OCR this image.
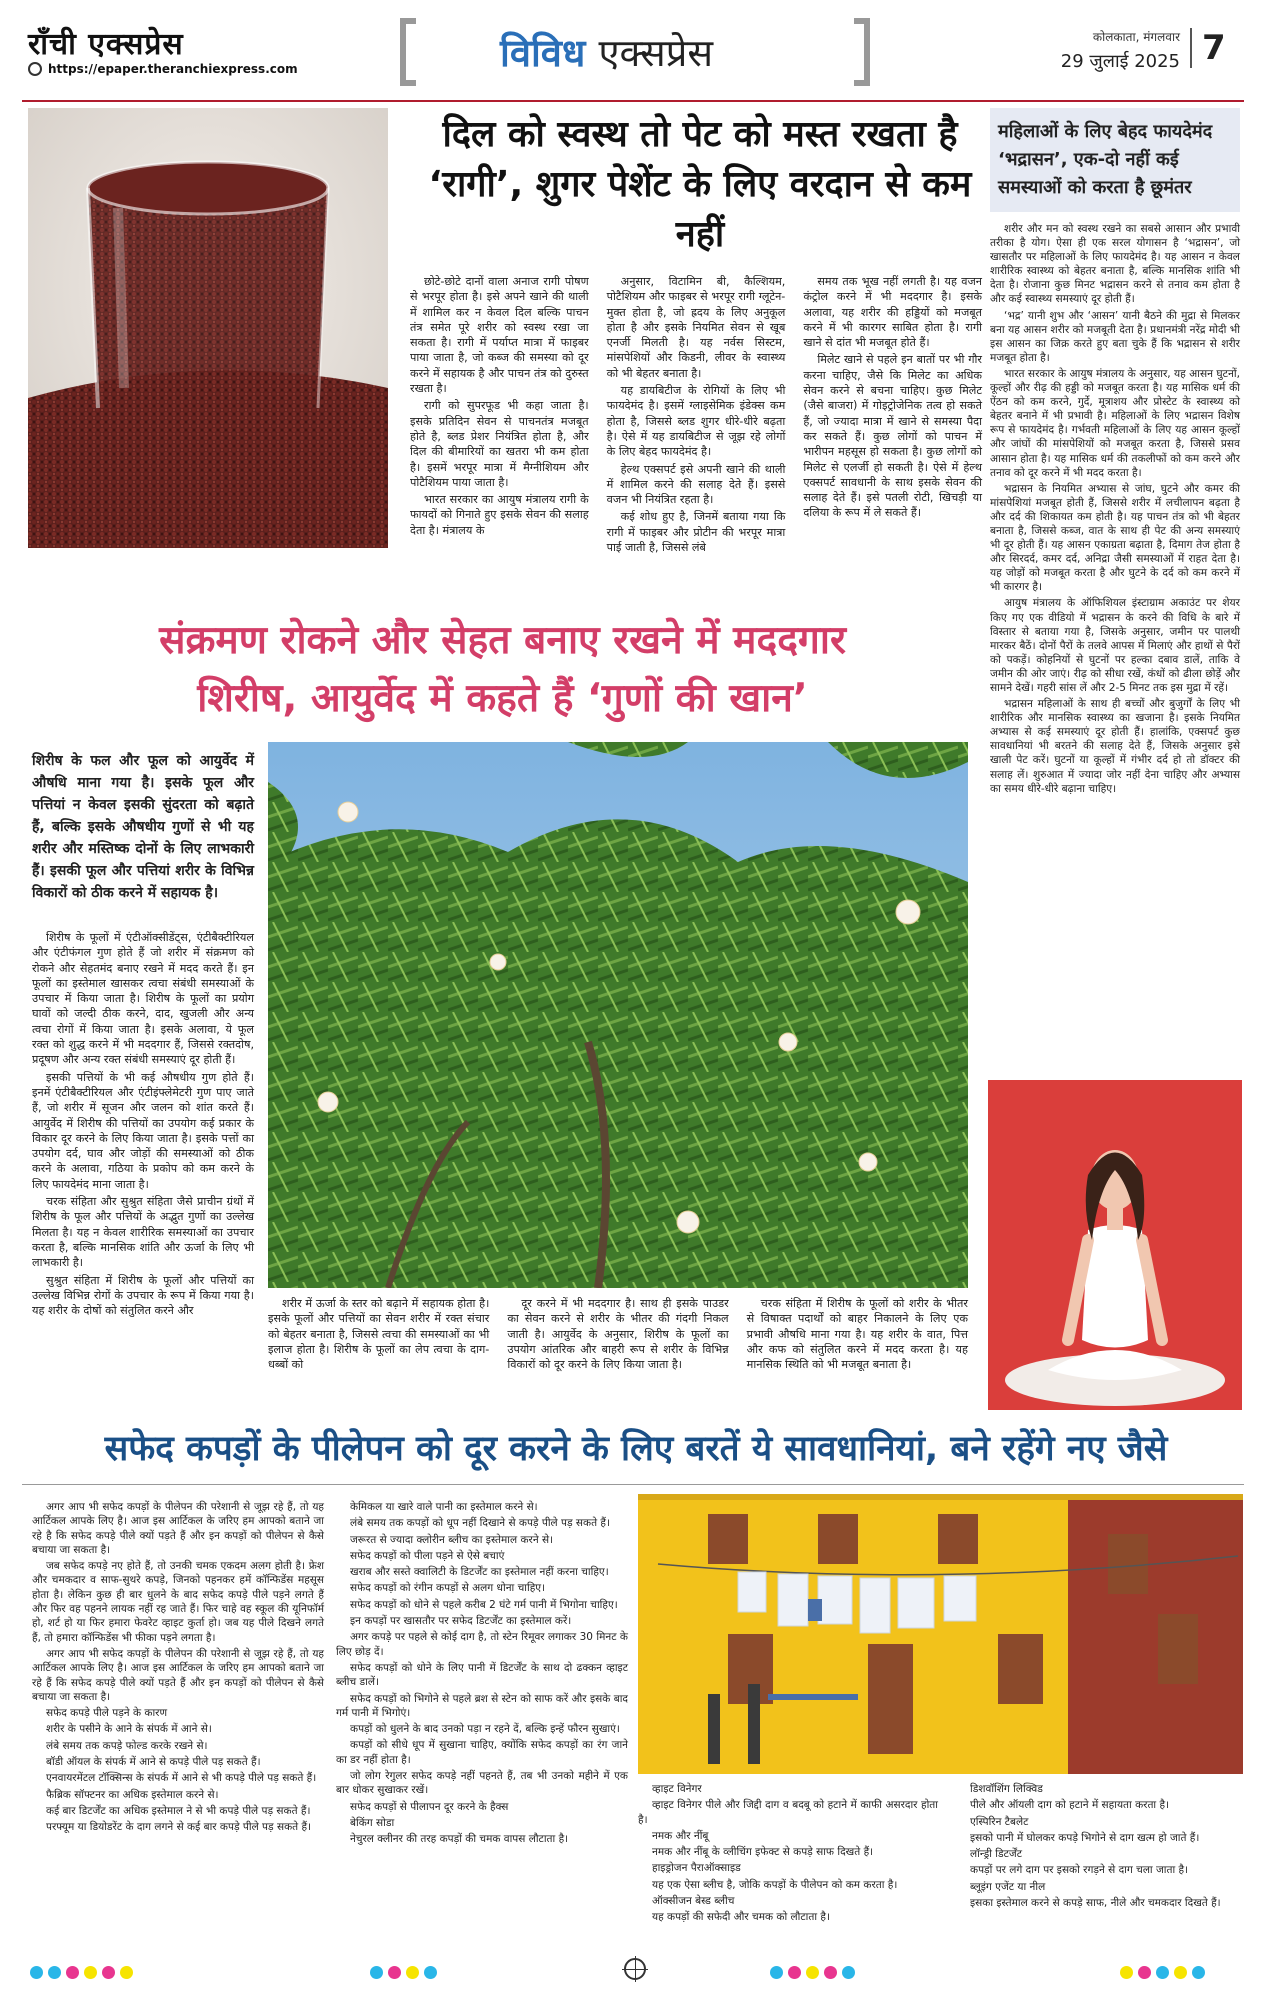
राँची एक्सप्रेस
https://epaper.theranchiexpress.com	विविध एक्सप्रेस	कोलकाता, मंगलवार
29 जुलाई 2025 7
दिल को स्वस्थ तो पेट को मस्त रखता है ‘रागी’, शुगर पेशेंट के लिए वरदान से कम नहीं

छोटे-छोटे दानों वाला अनाज रागी पोषण से भरपूर होता है। इसे अपने खाने की थाली में शामिल कर न केवल दिल बल्कि पाचन तंत्र समेत पूरे शरीर को स्वस्थ रखा जा सकता है। रागी में पर्याप्त मात्रा में फाइबर पाया जाता है, जो कब्ज की समस्या को दूर करने में सहायक है और पाचन तंत्र को दुरुस्त रखता है।

रागी को सुपरफूड भी कहा जाता है। इसके प्रतिदिन सेवन से पाचनतंत्र मजबूत होते है, ब्लड प्रेशर नियंत्रित होता है, और दिल की बीमारियों का खतरा भी कम होता है। इसमें भरपूर मात्रा में मैग्नीशियम और पोटैशियम पाया जाता है।

भारत सरकार का आयुष मंत्रालय रागी के फायदों को गिनाते हुए इसके सेवन की सलाह देता है। मंत्रालय के

अनुसार, विटामिन बी, कैल्शियम, पोटैशियम और फाइबर से भरपूर रागी ग्लूटेन-मुक्त होता है, जो ह्रदय के लिए अनुकूल होता है और इसके नियमित सेवन से खूब एनर्जी मिलती है। यह नर्वस सिस्टम, मांसपेशियों और किडनी, लीवर के स्वास्थ्य को भी बेहतर बनाता है।

यह डायबिटीज के रोगियों के लिए भी फायदेमंद है। इसमें ग्लाइसेमिक इंडेक्स कम होता है, जिससे ब्लड शुगर धीरे-धीरे बढ़ता है। ऐसे में यह डायबिटीज से जूझ रहे लोगों के लिए बेहद फायदेमंद है।

हेल्थ एक्सपर्ट इसे अपनी खाने की थाली में शामिल करने की सलाह देते हैं। इससे वजन भी नियंत्रित रहता है।

कई शोध हुए है, जिनमें बताया गया कि रागी में फाइबर और प्रोटीन की भरपूर मात्रा पाई जाती है, जिससे लंबे

समय तक भूख नहीं लगती है। यह वजन कंट्रोल करने में भी मददगार है। इसके अलावा, यह शरीर की हड्डियों को मजबूत करने में भी कारगर साबित होता है। रागी खाने से दांत भी मजबूत होते हैं।

मिलेट खाने से पहले इन बातों पर भी गौर करना चाहिए, जैसे कि मिलेट का अधिक सेवन करने से बचना चाहिए। कुछ मिलेट (जैसे बाजरा) में गोइट्रोजेनिक तत्व हो सकते हैं, जो ज्यादा मात्रा में खाने से समस्या पैदा कर सकते हैं। कुछ लोगों को पाचन में भारीपन महसूस हो सकता है। कुछ लोगों को मिलेट से एलर्जी हो सकती है। ऐसे में हेल्थ एक्सपर्ट सावधानी के साथ इसके सेवन की सलाह देते हैं। इसे पतली रोटी, खिचड़ी या दलिया के रूप में ले सकते हैं।

महिलाओं के लिए बेहद फायदेमंद ‘भद्रासन’, एक-दो नहीं कई समस्याओं को करता है छूमंतर

शरीर और मन को स्वस्थ रखने का सबसे आसान और प्रभावी तरीका है योग। ऐसा ही एक सरल योगासन है ‘भद्रासन’, जो खासतौर पर महिलाओं के लिए फायदेमंद है। यह आसन न केवल शारीरिक स्वास्थ्य को बेहतर बनाता है, बल्कि मानसिक शांति भी देता है। रोजाना कुछ मिनट भद्रासन करने से तनाव कम होता है और कई स्वास्थ्य समस्याएं दूर होती हैं।

‘भद्र’ यानी शुभ और ‘आसन’ यानी बैठने की मुद्रा से मिलकर बना यह आसन शरीर को मजबूती देता है। प्रधानमंत्री नरेंद्र मोदी भी इस आसन का जिक्र करते हुए बता चुके हैं कि भद्रासन से शरीर मजबूत होता है।

भारत सरकार के आयुष मंत्रालय के अनुसार, यह आसन घुटनों, कूल्हों और रीढ़ की हड्डी को मजबूत करता है। यह मासिक धर्म की ऐंठन को कम करने, गुर्दे, मूत्राशय और प्रोस्टेट के स्वास्थ्य को बेहतर बनाने में भी प्रभावी है। महिलाओं के लिए भद्रासन विशेष रूप से फायदेमंद है। गर्भवती महिलाओं के लिए यह आसन कूल्हों और जांघों की मांसपेशियों को मजबूत करता है, जिससे प्रसव आसान होता है। यह मासिक धर्म की तकलीफों को कम करने और तनाव को दूर करने में भी मदद करता है।

भद्रासन के नियमित अभ्यास से जांघ, घुटने और कमर की मांसपेशियां मजबूत होती हैं, जिससे शरीर में लचीलापन बढ़ता है और दर्द की शिकायत कम होती है। यह पाचन तंत्र को भी बेहतर बनाता है, जिससे कब्ज, वात के साथ ही पेट की अन्य समस्याएं भी दूर होती हैं। यह आसन एकाग्रता बढ़ाता है, दिमाग तेज होता है और सिरदर्द, कमर दर्द, अनिद्रा जैसी समस्याओं में राहत देता है। यह जोड़ों को मजबूत करता है और घुटने के दर्द को कम करने में भी कारगर है।

आयुष मंत्रालय के ऑफिशियल इंस्टाग्राम अकाउंट पर शेयर किए गए एक वीडियो में भद्रासन के करने की विधि के बारे में विस्तार से बताया गया है, जिसके अनुसार, जमीन पर पालथी मारकर बैठें। दोनों पैरों के तलवे आपस में मिलाएं और हाथों से पैरों को पकड़ें। कोहनियों से घुटनों पर हल्का दबाव डालें, ताकि वे जमीन की ओर जाएं। रीढ़ को सीधा रखें, कंधों को ढीला छोड़ें और सामने देखें। गहरी सांस लें और 2-5 मिनट तक इस मुद्रा में रहें।

भद्रासन महिलाओं के साथ ही बच्चों और बुजुर्गों के लिए भी शारीरिक और मानसिक स्वास्थ्य का खजाना है। इसके नियमित अभ्यास से कई समस्याएं दूर होती हैं। हालांकि, एक्सपर्ट कुछ सावधानियां भी बरतने की सलाह देते हैं, जिसके अनुसार इसे खाली पेट करें। घुटनों या कूल्हों में गंभीर दर्द हो तो डॉक्टर की सलाह लें। शुरुआत में ज्यादा जोर नहीं देना चाहिए और अभ्यास का समय धीरे-धीरे बढ़ाना चाहिए।

संक्रमण रोकने और सेहत बनाए रखने में मददगार
शिरीष, आयुर्वेद में कहते हैं ‘गुणों की खान’
शिरीष के फल और फूल को आयुर्वेद में औषधि माना गया है। इसके फूल और पत्तियां न केवल इसकी सुंदरता को बढ़ाते हैं, बल्कि इसके औषधीय गुणों से भी यह शरीर और मस्तिष्क दोनों के लिए लाभकारी हैं। इसकी फूल और पत्तियां शरीर के विभिन्न विकारों को ठीक करने में सहायक है।

शिरीष के फूलों में एंटीऑक्सीडेंट्स, एंटीबैक्टीरियल और एंटीफंगल गुण होते हैं जो शरीर में संक्रमण को रोकने और सेहतमंद बनाए रखने में मदद करते हैं। इन फूलों का इस्तेमाल खासकर त्वचा संबंधी समस्याओं के उपचार में किया जाता है। शिरीष के फूलों का प्रयोग घावों को जल्दी ठीक करने, दाद, खुजली और अन्य त्वचा रोगों में किया जाता है। इसके अलावा, ये फूल रक्त को शुद्ध करने में भी मददगार हैं, जिससे रक्तदोष, प्रदूषण और अन्य रक्त संबंधी समस्याएं दूर होती हैं।

इसकी पत्तियों के भी कई औषधीय गुण होते हैं। इनमें एंटीबैक्टीरियल और एंटीइंफ्लेमेटरी गुण पाए जाते हैं, जो शरीर में सूजन और जलन को शांत करते हैं। आयुर्वेद में शिरीष की पत्तियों का उपयोग कई प्रकार के विकार दूर करने के लिए किया जाता है। इसके पत्तों का उपयोग दर्द, घाव और जोड़ों की समस्याओं को ठीक करने के अलावा, गठिया के प्रकोप को कम करने के लिए फायदेमंद माना जाता है।

चरक संहिता और सुश्रुत संहिता जैसे प्राचीन ग्रंथों में शिरीष के फूल और पत्तियों के अद्भुत गुणों का उल्लेख मिलता है। यह न केवल शारीरिक समस्याओं का उपचार करता है, बल्कि मानसिक शांति और ऊर्जा के लिए भी लाभकारी है।

सुश्रुत संहिता में शिरीष के फूलों और पत्तियों का उल्लेख विभिन्न रोगों के उपचार के रूप में किया गया है। यह शरीर के दोषों को संतुलित करने और

शरीर में ऊर्जा के स्तर को बढ़ाने में सहायक होता है। इसके फूलों और पत्तियों का सेवन शरीर में रक्त संचार को बेहतर बनाता है, जिससे त्वचा की समस्याओं का भी इलाज होता है। शिरीष के फूलों का लेप त्वचा के दाग-धब्बों को

दूर करने में भी मददगार है। साथ ही इसके पाउडर का सेवन करने से शरीर के भीतर की गंदगी निकल जाती है। आयुर्वेद के अनुसार, शिरीष के फूलों का उपयोग आंतरिक और बाहरी रूप से शरीर के विभिन्न विकारों को दूर करने के लिए किया जाता है।

चरक संहिता में शिरीष के फूलों को शरीर के भीतर से विषाक्त पदार्थों को बाहर निकालने के लिए एक प्रभावी औषधि माना गया है। यह शरीर के वात, पित्त और कफ को संतुलित करने में मदद करता है। यह मानसिक स्थिति को भी मजबूत बनाता है।

सफेद कपड़ों के पीलेपन को दूर करने के लिए बरतें ये सावधानियां, बने रहेंगे नए जैसे

अगर आप भी सफेद कपड़ों के पीलेपन की परेशानी से जूझ रहे हैं, तो यह आर्टिकल आपके लिए है। आज इस आर्टिकल के जरिए हम आपको बताने जा रहे है कि सफेद कपड़े पीले क्यों पड़ते हैं और इन कपड़ों को पीलेपन से कैसे बचाया जा सकता है।

जब सफेद कपड़े नए होते हैं, तो उनकी चमक एकदम अलग होती है। फ्रेश और चमकदार व साफ-सुथरे कपड़े, जिनको पहनकर हमें कॉन्फिडेंस महसूस होता है। लेकिन कुछ ही बार धुलने के बाद सफेद कपड़े पीले पड़ने लगते हैं और फिर वह पहनने लायक नहीं रह जाते हैं। फिर चाहे वह स्कूल की यूनिफॉर्म हो, शर्ट हो या फिर हमारा फेवरेट व्हाइट कुर्ता हो। जब यह पीले दिखने लगते हैं, तो हमारा कॉन्फिडेंस भी फीका पड़ने लगता है।

अगर आप भी सफेद कपड़ों के पीलेपन की परेशानी से जूझ रहे हैं, तो यह आर्टिकल आपके लिए है। आज इस आर्टिकल के जरिए हम आपको बताने जा रहे हैं कि सफेद कपड़े पीले क्यों पड़ते हैं और इन कपड़ों को पीलेपन से कैसे बचाया जा सकता है।

सफेद कपड़े पीले पड़ने के कारण

शरीर के पसीने के आने के संपर्क में आने से।

लंबे समय तक कपड़े फोल्ड करके रखने से।

बॉडी ऑयल के संपर्क में आने से कपड़े पीले पड़ सकते हैं।

एनवायरमेंटल टॉक्सिन्स के संपर्क में आने से भी कपड़े पीले पड़ सकते हैं।

फैब्रिक सॉफ्टनर का अधिक इस्तेमाल करने से।

कई बार डिटर्जेंट का अधिक इस्तेमाल ने से भी कपड़े पीले पड़ सकते हैं।

परफ्यूम या डियोडरेंट के दाग लगने से कई बार कपड़े पीले पड़ सकते हैं।

केमिकल या खारे वाले पानी का इस्तेमाल करने से।

लंबे समय तक कपड़ों को धूप नहीं दिखाने से कपड़े पीले पड़ सकते हैं।

जरूरत से ज्यादा क्लोरीन ब्लीच का इस्तेमाल करने से।

सफेद कपड़ों को पीला पड़ने से ऐसे बचाएं

खराब और सस्ते क्वालिटी के डिटर्जेंट का इस्तेमाल नहीं करना चाहिए।

सफेद कपड़ों को रंगीन कपड़ों से अलग धोना चाहिए।

सफेद कपड़ों को धोने से पहले करीब 2 घंटे गर्म पानी में भिगोना चाहिए।

इन कपड़ों पर खासतौर पर सफेद डिटर्जेंट का इस्तेमाल करें।

अगर कपड़े पर पहले से कोई दाग है, तो स्टेन रिमूवर लगाकर 30 मिनट के लिए छोड़ दें।

सफेद कपड़ों को धोने के लिए पानी में डिटर्जेंट के साथ दो ढक्कन व्हाइट ब्लीच डालें।

सफेद कपड़ों को भिगोने से पहले ब्रश से स्टेन को साफ करें और इसके बाद गर्म पानी में भिगोएं।

कपड़ों को धुलने के बाद उनको पड़ा न रहने दें, बल्कि इन्हें फौरन सुखाएं।

कपड़ों को सीधे धूप में सुखाना चाहिए, क्योंकि सफेद कपड़ों का रंग जाने का डर नहीं होता है।

जो लोग रेगुलर सफेद कपड़े नहीं पहनते हैं, तब भी उनको महीने में एक बार धोकर सुखाकर रखें।

सफेद कपड़ों से पीलापन दूर करने के हैक्स

बेकिंग सोडा

नेचुरल क्लीनर की तरह कपड़ों की चमक वापस लौटाता है।

व्हाइट विनेगर

व्हाइट विनेगर पीले और जिद्दी दाग व बदबू को हटाने में काफी असरदार होता है।

नमक और नींबू

नमक और नींबू के व्लीचिंग इफेक्ट से कपड़े साफ दिखते हैं।

हाइड्रोजन पैराऑक्साइड

यह एक ऐसा ब्लीच है, जोकि कपड़ों के पीलेपन को कम करता है।

ऑक्सीजन बेस्ड ब्लीच

यह कपड़ों की सफेदी और चमक को लौटाता है।

डिशवॉशिंग लिक्विड

पीले और ऑयली दाग को हटाने में सहायता करता है।

एस्पिरिन टैबलेट

इसको पानी में घोलकर कपड़े भिगोने से दाग खत्म हो जाते हैं।

लॉन्ड्री डिटर्जेंट

कपड़ों पर लगे दाग पर इसको रगड़ने से दाग चला जाता है।

ब्लूइंग एजेंट या नील

इसका इस्तेमाल करने से कपड़े साफ, नीले और चमकदार दिखते हैं।
